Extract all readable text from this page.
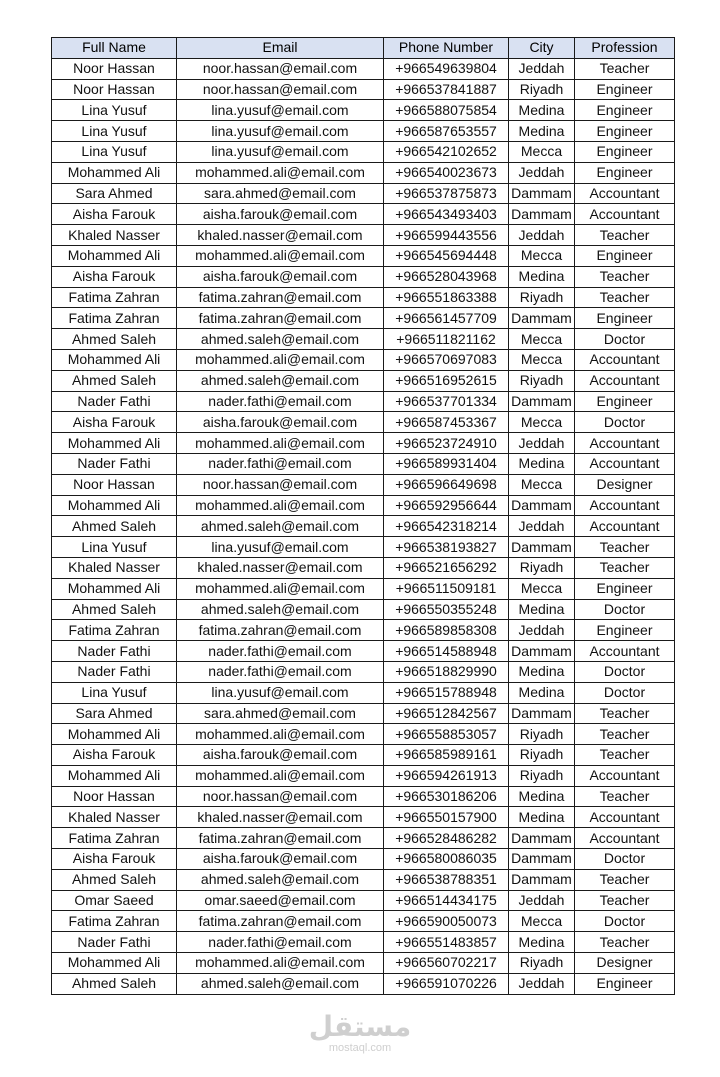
Full Name	Email	Phone Number	City	Profession
Noor Hassan	noor.hassan@email.com	+966549639804	Jeddah	Teacher
Noor Hassan	noor.hassan@email.com	+966537841887	Riyadh	Engineer
Lina Yusuf	lina.yusuf@email.com	+966588075854	Medina	Engineer
Lina Yusuf	lina.yusuf@email.com	+966587653557	Medina	Engineer
Lina Yusuf	lina.yusuf@email.com	+966542102652	Mecca	Engineer
Mohammed Ali	mohammed.ali@email.com	+966540023673	Jeddah	Engineer
Sara Ahmed	sara.ahmed@email.com	+966537875873	Dammam	Accountant
Aisha Farouk	aisha.farouk@email.com	+966543493403	Dammam	Accountant
Khaled Nasser	khaled.nasser@email.com	+966599443556	Jeddah	Teacher
Mohammed Ali	mohammed.ali@email.com	+966545694448	Mecca	Engineer
Aisha Farouk	aisha.farouk@email.com	+966528043968	Medina	Teacher
Fatima Zahran	fatima.zahran@email.com	+966551863388	Riyadh	Teacher
Fatima Zahran	fatima.zahran@email.com	+966561457709	Dammam	Engineer
Ahmed Saleh	ahmed.saleh@email.com	+966511821162	Mecca	Doctor
Mohammed Ali	mohammed.ali@email.com	+966570697083	Mecca	Accountant
Ahmed Saleh	ahmed.saleh@email.com	+966516952615	Riyadh	Accountant
Nader Fathi	nader.fathi@email.com	+966537701334	Dammam	Engineer
Aisha Farouk	aisha.farouk@email.com	+966587453367	Mecca	Doctor
Mohammed Ali	mohammed.ali@email.com	+966523724910	Jeddah	Accountant
Nader Fathi	nader.fathi@email.com	+966589931404	Medina	Accountant
Noor Hassan	noor.hassan@email.com	+966596649698	Mecca	Designer
Mohammed Ali	mohammed.ali@email.com	+966592956644	Dammam	Accountant
Ahmed Saleh	ahmed.saleh@email.com	+966542318214	Jeddah	Accountant
Lina Yusuf	lina.yusuf@email.com	+966538193827	Dammam	Teacher
Khaled Nasser	khaled.nasser@email.com	+966521656292	Riyadh	Teacher
Mohammed Ali	mohammed.ali@email.com	+966511509181	Mecca	Engineer
Ahmed Saleh	ahmed.saleh@email.com	+966550355248	Medina	Doctor
Fatima Zahran	fatima.zahran@email.com	+966589858308	Jeddah	Engineer
Nader Fathi	nader.fathi@email.com	+966514588948	Dammam	Accountant
Nader Fathi	nader.fathi@email.com	+966518829990	Medina	Doctor
Lina Yusuf	lina.yusuf@email.com	+966515788948	Medina	Doctor
Sara Ahmed	sara.ahmed@email.com	+966512842567	Dammam	Teacher
Mohammed Ali	mohammed.ali@email.com	+966558853057	Riyadh	Teacher
Aisha Farouk	aisha.farouk@email.com	+966585989161	Riyadh	Teacher
Mohammed Ali	mohammed.ali@email.com	+966594261913	Riyadh	Accountant
Noor Hassan	noor.hassan@email.com	+966530186206	Medina	Teacher
Khaled Nasser	khaled.nasser@email.com	+966550157900	Medina	Accountant
Fatima Zahran	fatima.zahran@email.com	+966528486282	Dammam	Accountant
Aisha Farouk	aisha.farouk@email.com	+966580086035	Dammam	Doctor
Ahmed Saleh	ahmed.saleh@email.com	+966538788351	Dammam	Teacher
Omar Saeed	omar.saeed@email.com	+966514434175	Jeddah	Teacher
Fatima Zahran	fatima.zahran@email.com	+966590050073	Mecca	Doctor
Nader Fathi	nader.fathi@email.com	+966551483857	Medina	Teacher
Mohammed Ali	mohammed.ali@email.com	+966560702217	Riyadh	Designer
Ahmed Saleh	ahmed.saleh@email.com	+966591070226	Jeddah	Engineer
مستقل
mostaql.com
